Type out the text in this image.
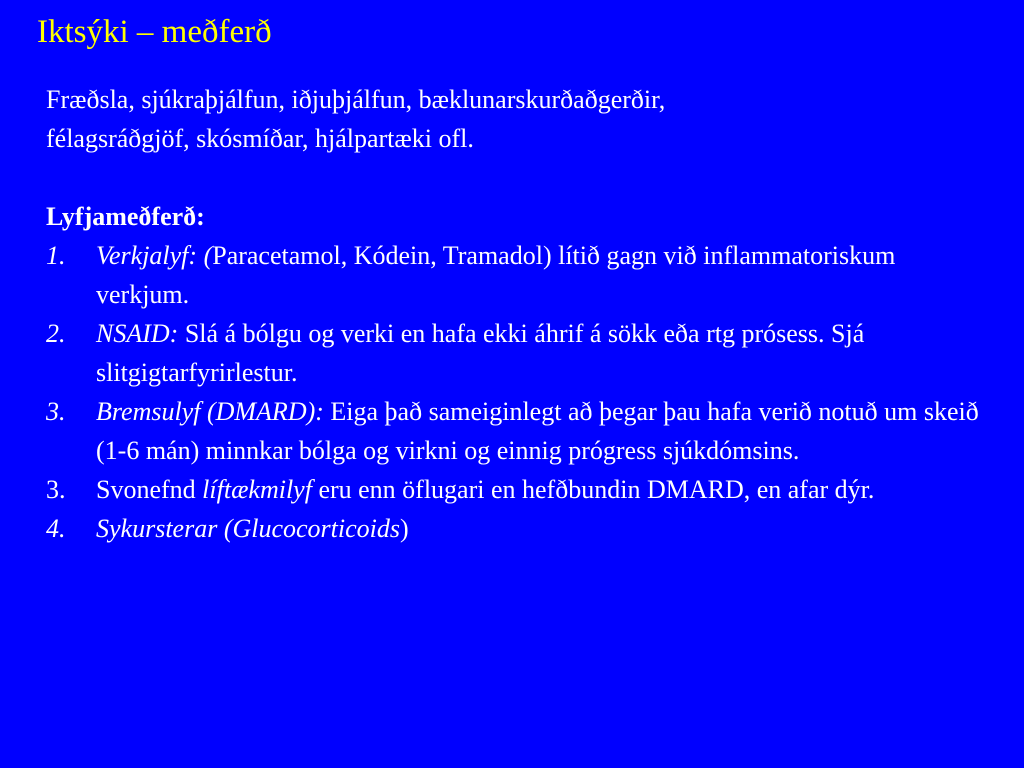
Iktsýki – meðferð

Fræðsla, sjúkraþjálfun, iðjuþjálfun, bæklunarskurðaðgerðir,
félagsráðgjöf, skósmíðar, hjálpartæki ofl.

Lyfjameðferð:

1. Verkjalyf: (Paracetamol, Kódein, Tramadol) lítið gagn við inflammatoriskum verkjum.
2. NSAID: Slá á bólgu og verki en hafa ekki áhrif á sökk eða rtg prósess. Sjá slitgigtarfyrirlestur.
3. Bremsulyf (DMARD): Eiga það sameiginlegt að þegar þau hafa verið notuð um skeið (1-6 mán) minnkar bólga og virkni og einnig prógress sjúkdómsins.
3. Svonefnd líftækmilyf eru enn öflugari en hefðbundin DMARD, en afar dýr.
4. Sykursterar (Glucocorticoids)
